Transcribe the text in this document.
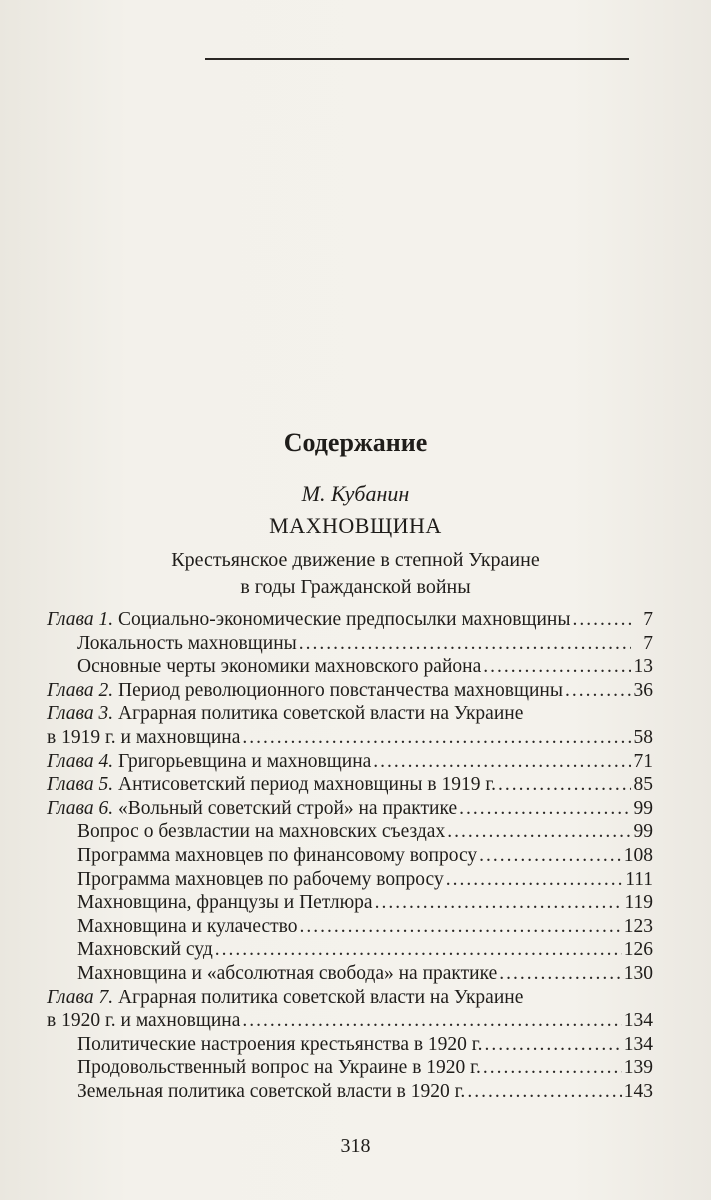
Содержание
М. Кубанин
МАХНОВЩИНА
Крестьянское движение в степной Украине
в годы Гражданской войны
Глава 1. Социально-экономические предпосылки махновщины .....	7
Локальность махновщины .....	7
Основные черты экономики махновского района .....	13
Глава 2. Период революционного повстанчества махновщины .....	36
Глава 3. Аграрная политика советской власти на Украине
в 1919 г. и махновщина .....	58
Глава 4. Григорьевщина и махновщина .....	71
Глава 5. Антисоветский период махновщины в 1919 г. .....	85
Глава 6. «Вольный советский строй» на практике .....	99
Вопрос о безвластии на махновских съездах .....	99
Программа махновцев по финансовому вопросу .....	108
Программа махновцев по рабочему вопросу .....	111
Махновщина, французы и Петлюра .....	119
Махновщина и кулачество .....	123
Махновский суд .....	126
Махновщина и «абсолютная свобода» на практике .....	130
Глава 7. Аграрная политика советской власти на Украине
в 1920 г. и махновщина .....	134
Политические настроения крестьянства в 1920 г. .....	134
Продовольственный вопрос на Украине в 1920 г. .....	139
Земельная политика советской власти в 1920 г. .....	143
318
